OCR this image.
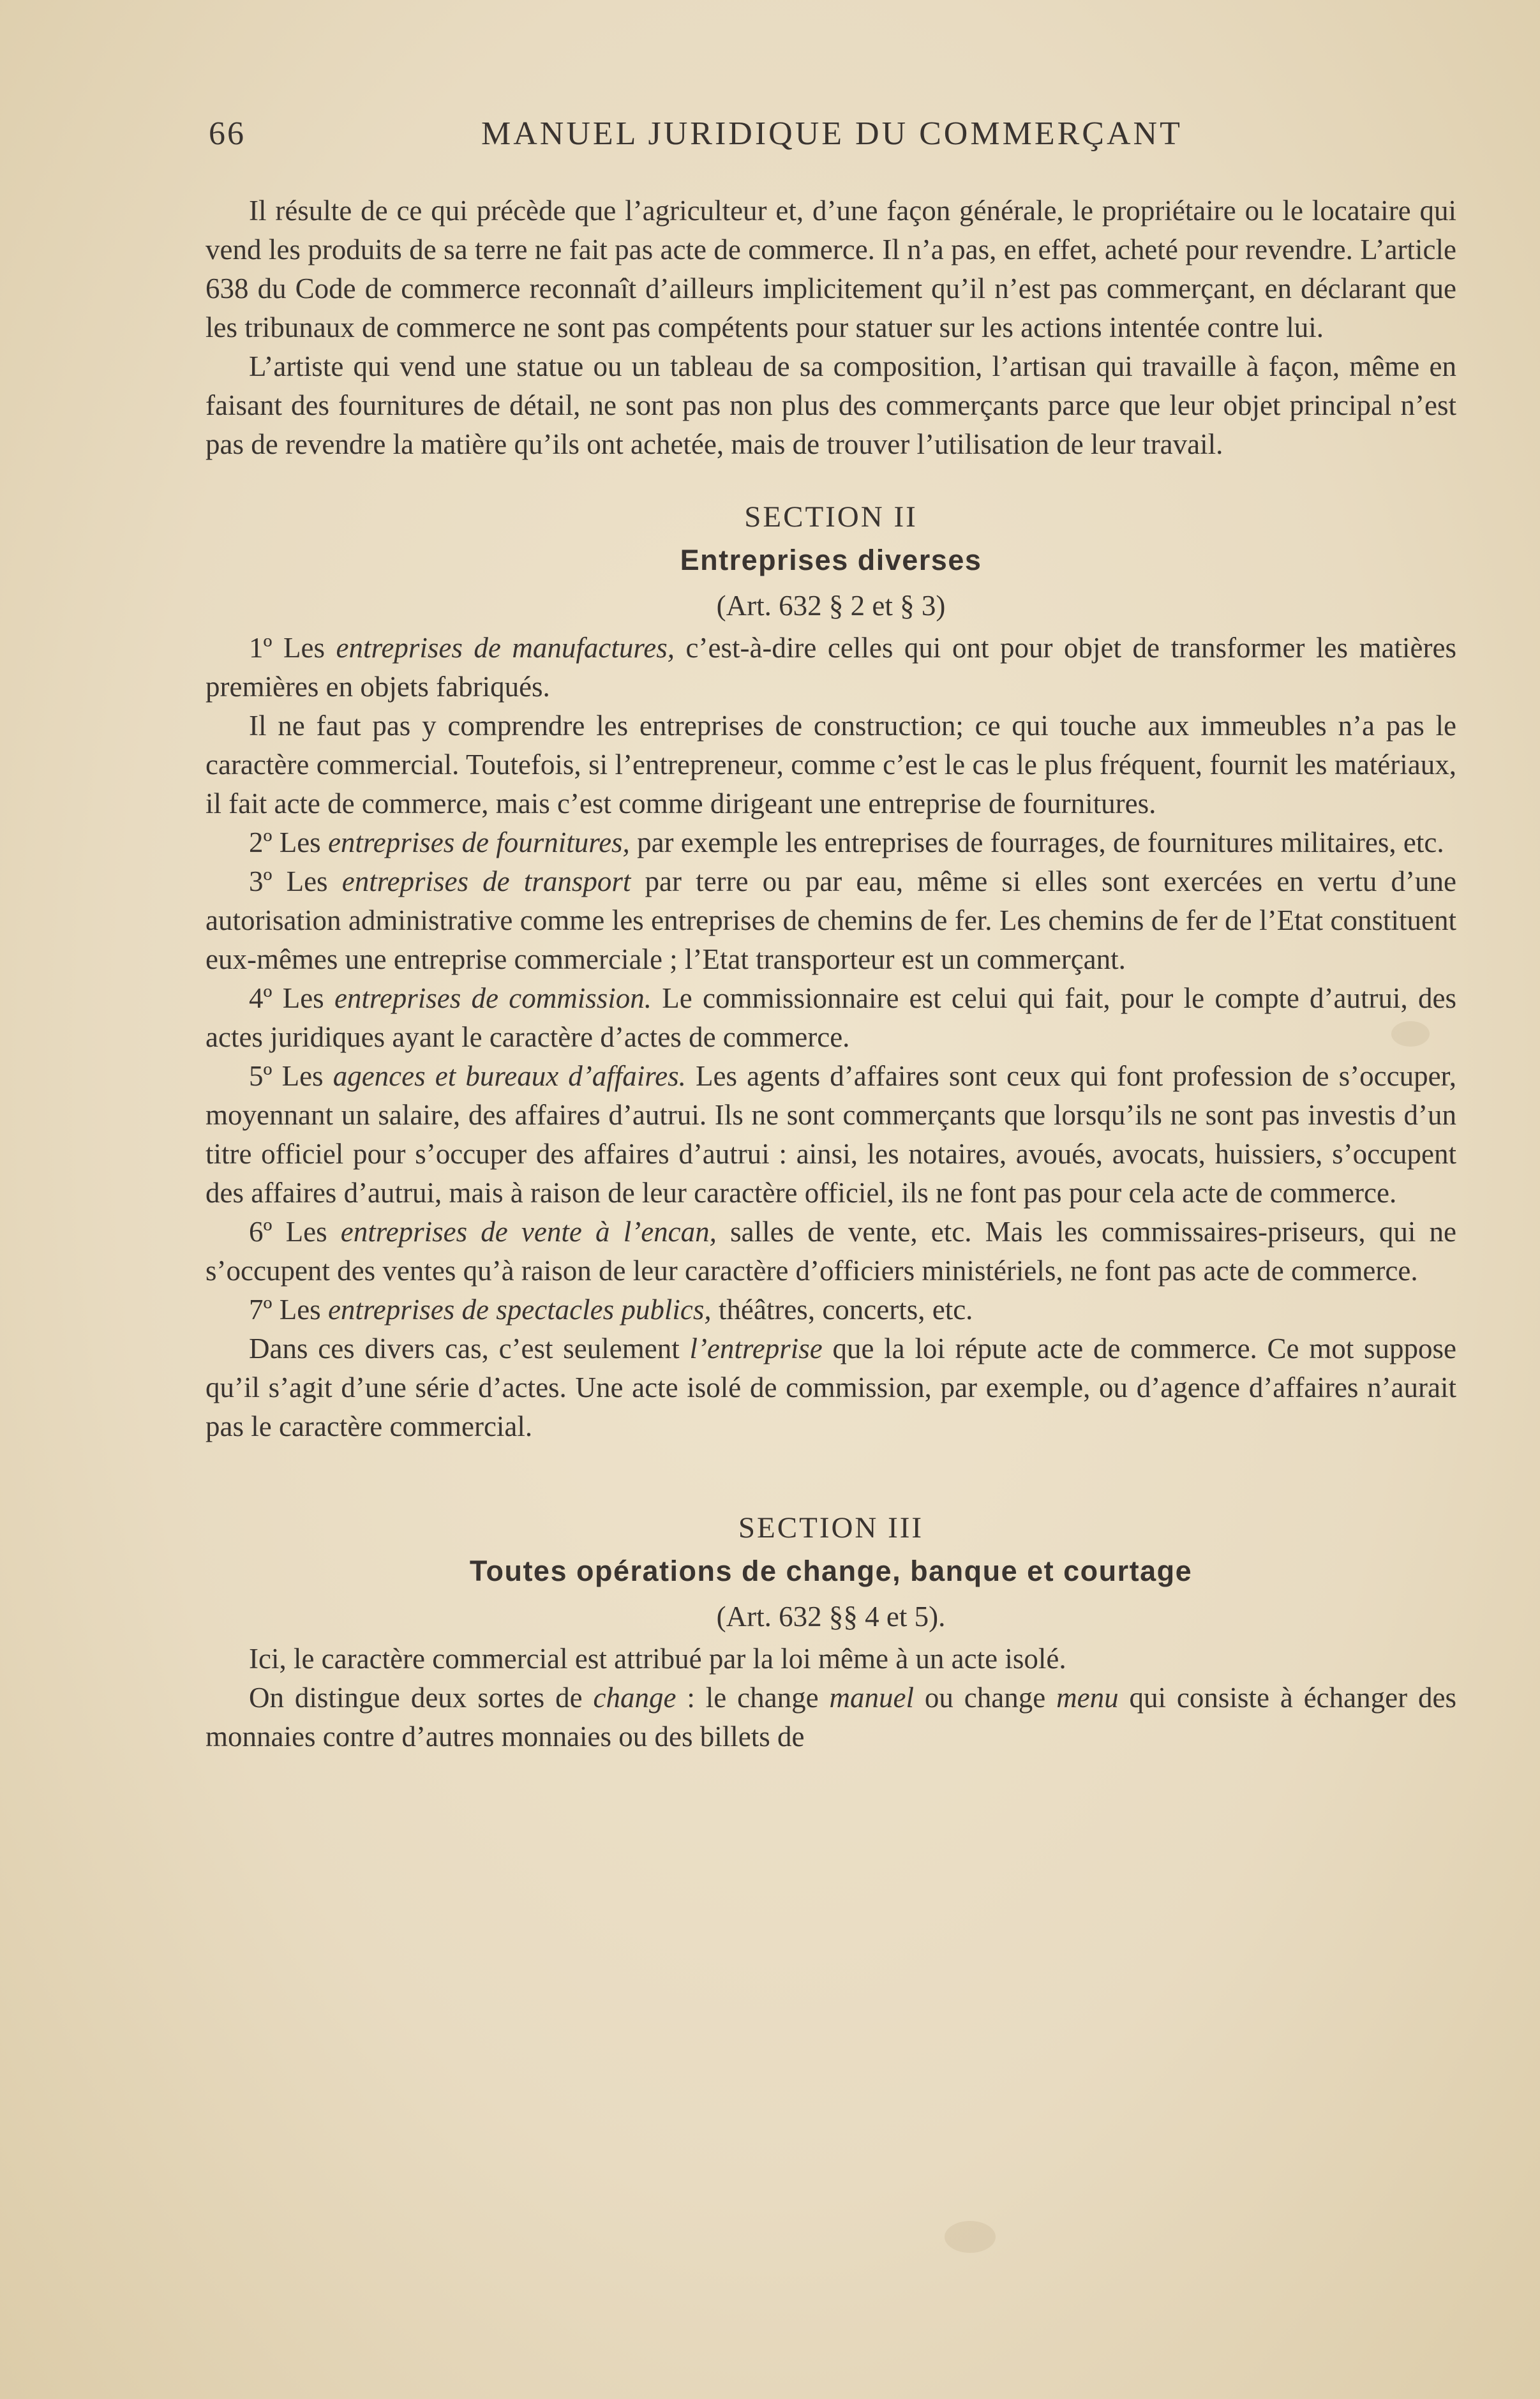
66	MANUEL JURIDIQUE DU COMMERÇANT

Il résulte de ce qui précède que l’agriculteur et, d’une façon générale, le propriétaire ou le locataire qui vend les produits de sa terre ne fait pas acte de commerce. Il n’a pas, en effet, acheté pour revendre. L’article 638 du Code de commerce reconnaît d’ailleurs implicitement qu’il n’est pas commerçant, en déclarant que les tribunaux de commerce ne sont pas compétents pour statuer sur les actions intentée contre lui.

L’artiste qui vend une statue ou un tableau de sa composition, l’artisan qui travaille à façon, même en faisant des fournitures de détail, ne sont pas non plus des commerçants parce que leur objet principal n’est pas de revendre la matière qu’ils ont achetée, mais de trouver l’utilisation de leur travail.

SECTION II

Entreprises diverses

(Art. 632 § 2 et § 3)

1º Les entreprises de manufactures, c’est-à-dire celles qui ont pour objet de transformer les matières premières en objets fabriqués.

Il ne faut pas y comprendre les entreprises de construction; ce qui touche aux immeubles n’a pas le caractère commercial. Toutefois, si l’entrepreneur, comme c’est le cas le plus fréquent, fournit les matériaux, il fait acte de commerce, mais c’est comme dirigeant une entreprise de fournitures.

2º Les entreprises de fournitures, par exemple les entreprises de fourrages, de fournitures militaires, etc.

3º Les entreprises de transport par terre ou par eau, même si elles sont exercées en vertu d’une autorisation administrative comme les entreprises de chemins de fer. Les chemins de fer de l’Etat constituent eux-mêmes une entreprise commerciale ; l’Etat transporteur est un commerçant.

4º Les entreprises de commission. Le commissionnaire est celui qui fait, pour le compte d’autrui, des actes juridiques ayant le caractère d’actes de commerce.

5º Les agences et bureaux d’affaires. Les agents d’affaires sont ceux qui font profession de s’occuper, moyennant un salaire, des affaires d’autrui. Ils ne sont commerçants que lorsqu’ils ne sont pas investis d’un titre officiel pour s’occuper des affaires d’autrui : ainsi, les notaires, avoués, avocats, huissiers, s’occupent des affaires d’autrui, mais à raison de leur caractère officiel, ils ne font pas pour cela acte de commerce.

6º Les entreprises de vente à l’encan, salles de vente, etc. Mais les commissaires-priseurs, qui ne s’occupent des ventes qu’à raison de leur caractère d’officiers ministériels, ne font pas acte de commerce.

7º Les entreprises de spectacles publics, théâtres, concerts, etc.

Dans ces divers cas, c’est seulement l’entreprise que la loi répute acte de commerce. Ce mot suppose qu’il s’agit d’une série d’actes. Une acte isolé de commission, par exemple, ou d’agence d’affaires n’aurait pas le caractère commercial.

SECTION III

Toutes opérations de change, banque et courtage

(Art. 632 §§ 4 et 5).

Ici, le caractère commercial est attribué par la loi même à un acte isolé.

On distingue deux sortes de change : le change manuel ou change menu qui consiste à échanger des monnaies contre d’autres monnaies ou des billets de
